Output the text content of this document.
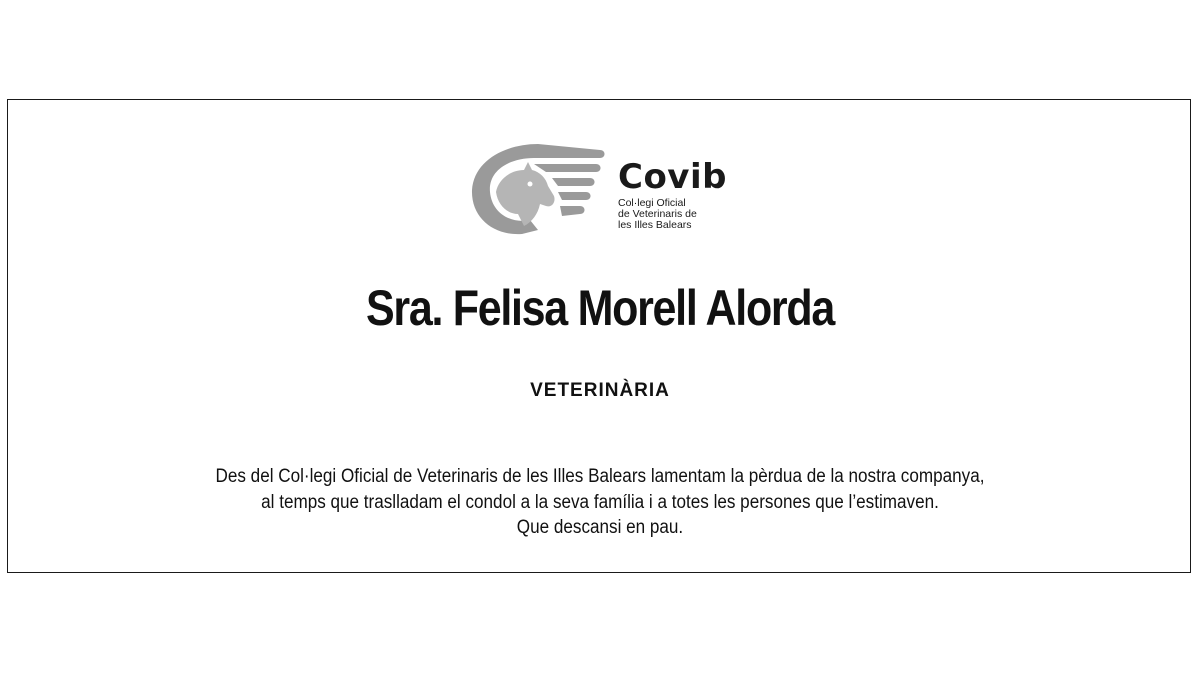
Covib
Col·legi Oficial
de Veterinaris de
les Illes Balears
Sra. Felisa Morell Alorda
VETERINÀRIA
Des del Col·legi Oficial de Veterinaris de les Illes Balears lamentam la pèrdua de la nostra companya,
al temps que traslladam el condol a la seva família i a totes les persones que l’estimaven.
Que descansi en pau.
